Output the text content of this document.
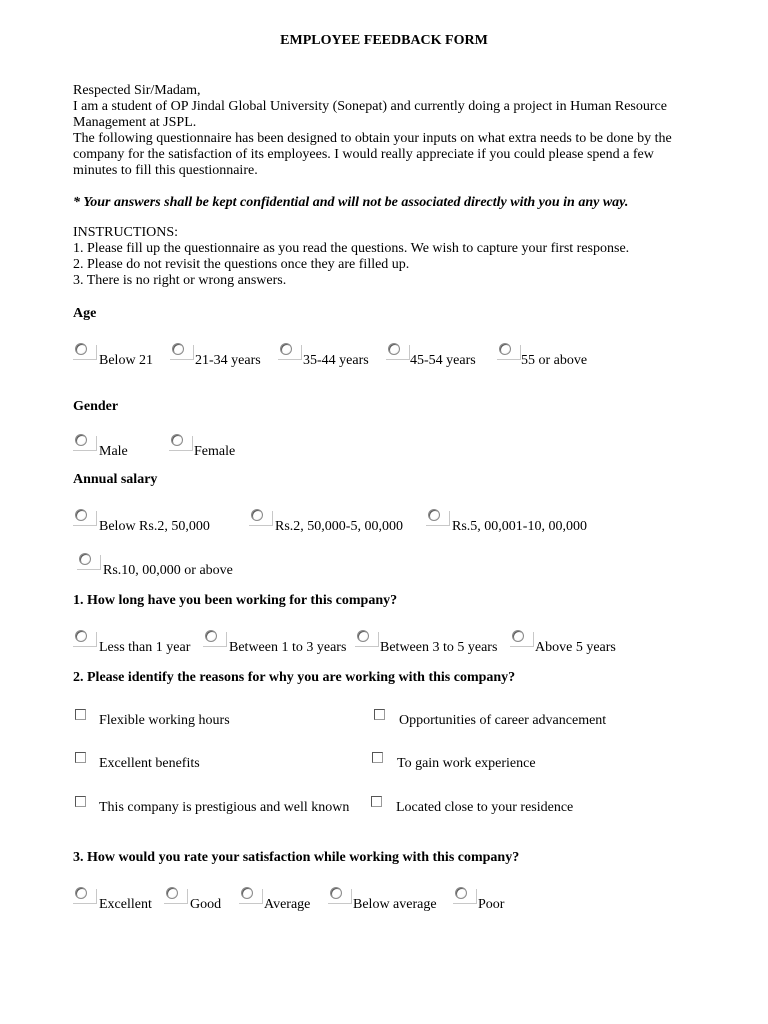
EMPLOYEE FEEDBACK FORM
Respected Sir/Madam,
I am a student of OP Jindal Global University (Sonepat) and currently doing a project in Human Resource
Management at JSPL.
The following questionnaire has been designed to obtain your inputs on what extra needs to be done by the
company for the satisfaction of its employees. I would really appreciate if you could please spend a few
minutes to fill this questionnaire.
* Your answers shall be kept confidential and will not be associated directly with you in any way.
INSTRUCTIONS:
1. Please fill up the questionnaire as you read the questions. We wish to capture your first response.
2. Please do not revisit the questions once they are filled up.
3. There is no right or wrong answers.
Age
Below 21	21-34 years	35-44 years	45-54 years	55 or above
Gender
Male	Female
Annual salary
Below Rs.2, 50,000	Rs.2, 50,000-5, 00,000	Rs.5, 00,001-10, 00,000
Rs.10, 00,000 or above
1. How long have you been working for this company?
Less than 1 year	Between 1 to 3 years Between 3 to 5 years	Above 5 years
2. Please identify the reasons for why you are working with this company?
Flexible working hours	Opportunities of career advancement
Excellent benefits	To gain work experience
This company is prestigious and well known	Located close to your residence
3. How would you rate your satisfaction while working with this company?
Excellent	Good	Average	Below average	Poor
